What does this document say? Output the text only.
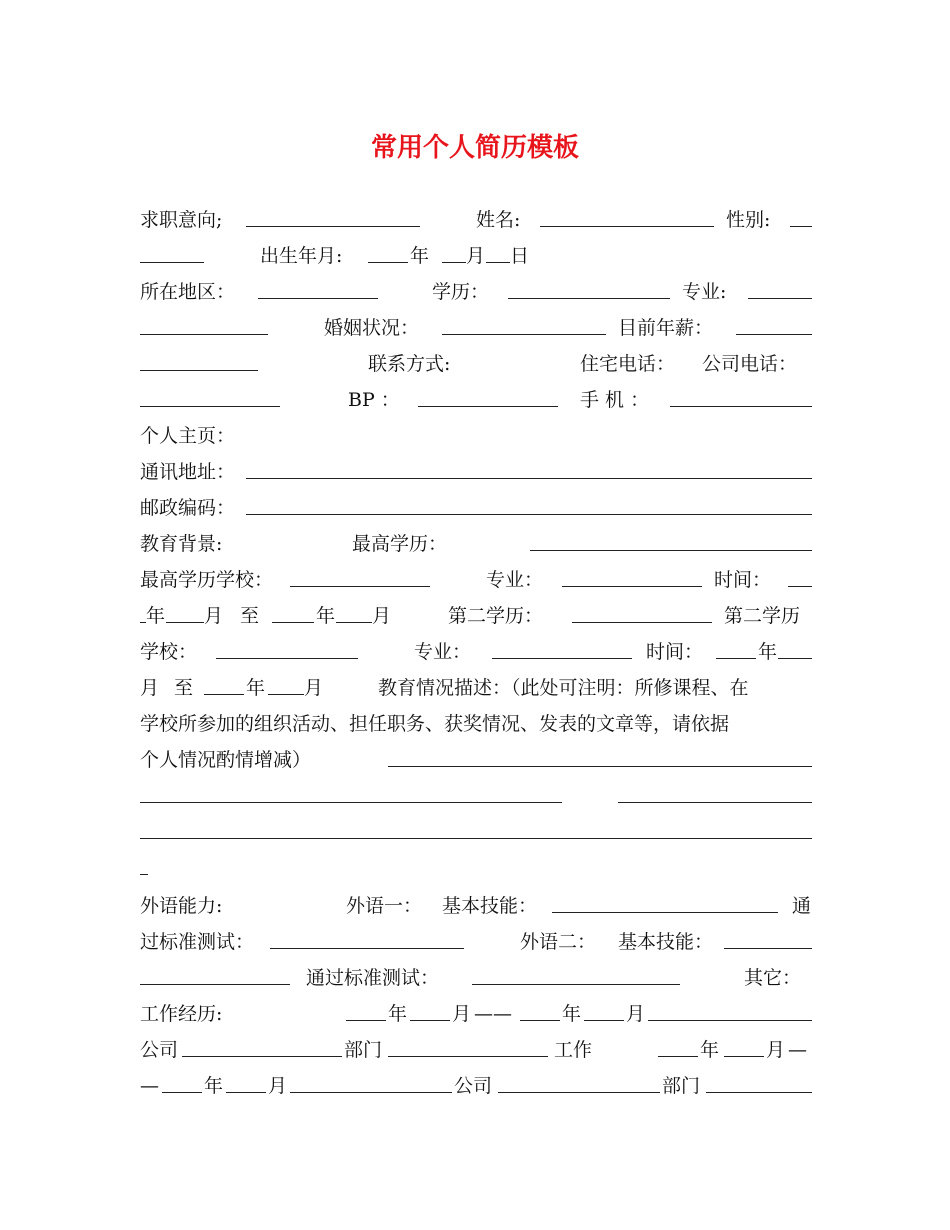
常用个人简历模板
求职意向;	姓名:	性别:
出生年月:	年 月 日
所在地区：	学历：	专业:
婚姻状况：	目前年薪：
联系方式:	住宅电话： 公司电话：
BP ：	手 机 ：
个人主页：
通讯地址：
邮政编码：
教育背景:	最高学历：
最高学历学校：	专业：	时间：
年 月 至	年 月	第二学历：	第二学历
学校：	专业：	时间：	年
月 至	年 月	教育情况描述：（此处可注明：所修课程、在
学校所参加的组织活动、担任职务、获奖情况、发表的文章等，请依据
个人情况酌情增减）
外语能力:	外语一： 基本技能：	通
过标准测试：	外语二： 基本技能：
通过标准测试：	其它：
工作经历:	年 月 ——	年 月
公司	部门	工作	年 月 —
— 年 月	公司	部门
